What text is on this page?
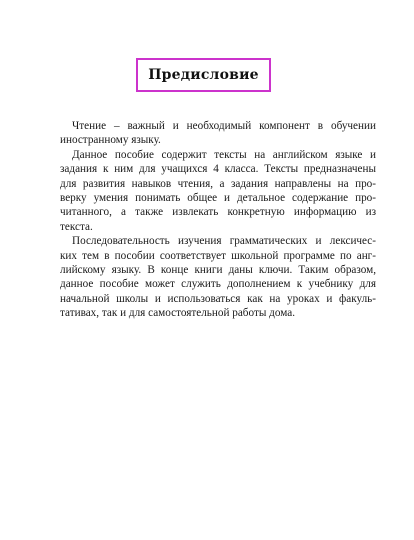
Предисловие
Чтение – важный и необходимый компонент в обучении
иностранному языку.
Данное пособие содержит тексты на английском языке и
задания к ним для учащихся 4 класса. Тексты предназначены
для развития навыков чтения, а задания направлены на про-
верку умения понимать общее и детальное содержание про-
читанного, а также извлекать конкретную информацию из
текста.
Последовательность изучения грамматических и лексичес-
ких тем в пособии соответствует школьной программе по анг-
лийскому языку. В конце книги даны ключи. Таким образом,
данное пособие может служить дополнением к учебнику для
начальной школы и использоваться как на уроках и факуль-
тативах, так и для самостоятельной работы дома.
